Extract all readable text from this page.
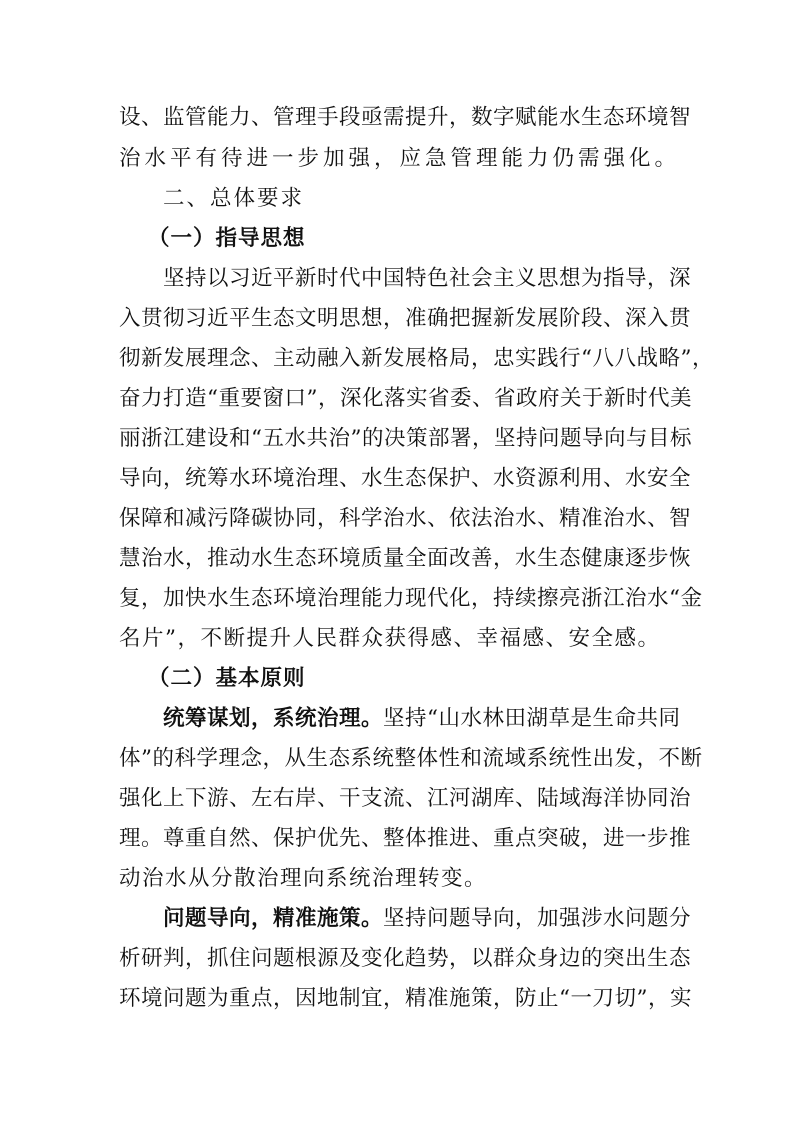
设、监管能力、管理手段亟需提升，数字赋能水生态环境智
治水平有待进一步加强，应急管理能力仍需强化。
二、总体要求
（一）指导思想
坚持以习近平新时代中国特色社会主义思想为指导，深
入贯彻习近平生态文明思想，准确把握新发展阶段、深入贯
彻新发展理念、主动融入新发展格局，忠实践行“八八战略”，
奋力打造“重要窗口”，深化落实省委、省政府关于新时代美
丽浙江建设和“五水共治”的决策部署，坚持问题导向与目标
导向，统筹水环境治理、水生态保护、水资源利用、水安全
保障和减污降碳协同，科学治水、依法治水、精准治水、智
慧治水，推动水生态环境质量全面改善，水生态健康逐步恢
复，加快水生态环境治理能力现代化，持续擦亮浙江治水“金
名片”，不断提升人民群众获得感、幸福感、安全感。
（二）基本原则
统筹谋划，系统治理。坚持“山水林田湖草是生命共同
体”的科学理念，从生态系统整体性和流域系统性出发，不断
强化上下游、左右岸、干支流、江河湖库、陆域海洋协同治
理。尊重自然、保护优先、整体推进、重点突破，进一步推
动治水从分散治理向系统治理转变。
问题导向，精准施策。坚持问题导向，加强涉水问题分
析研判，抓住问题根源及变化趋势，以群众身边的突出生态
环境问题为重点，因地制宜，精准施策，防止“一刀切”，实
